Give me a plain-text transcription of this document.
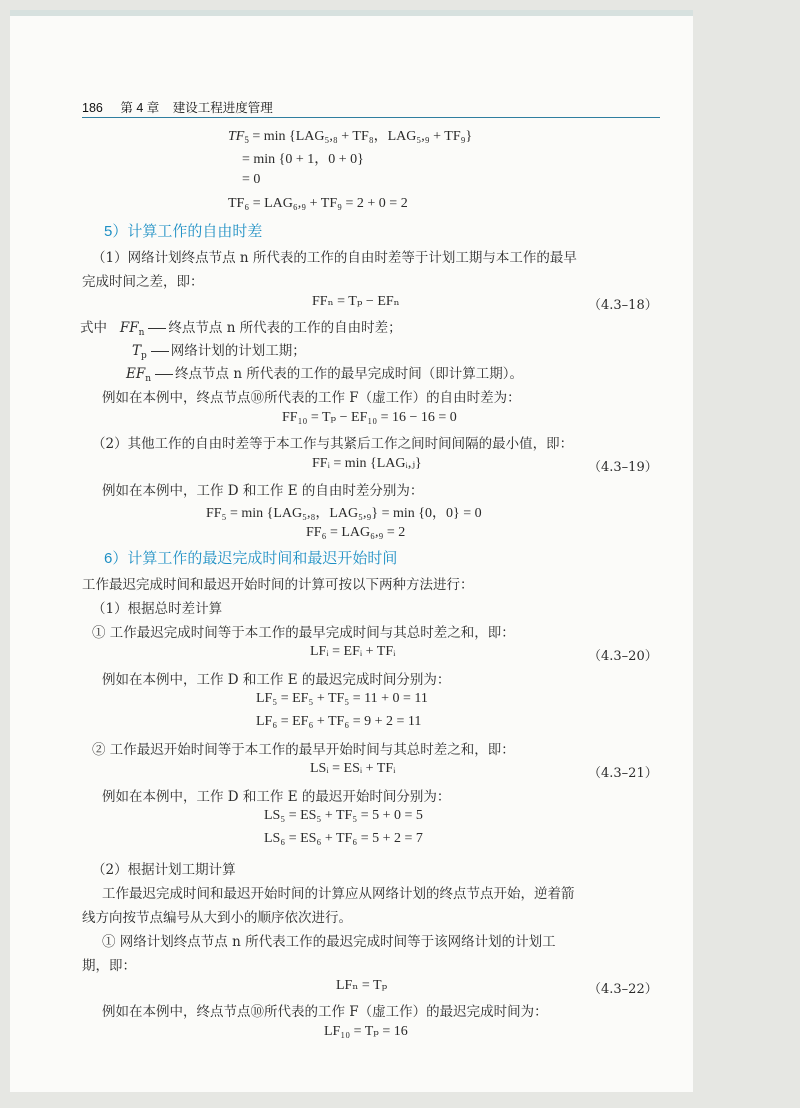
186 第 4 章 建设工程进度管理
$TF_5 = \min \{LAG_5,_8 + TF_8$，LAG₅,₉ + TF₉}
= min {0 + 1，0 + 0}
= 0
TF₆ = LAG₆,₉ + TF₉ = 2 + 0 = 2
5）计算工作的自由时差
（1）网络计划终点节点 n 所代表的工作的自由时差等于计划工期与本工作的最早
完成时间之差，即：
FFₙ = Tₚ − EFₙ	（4.3–18）
式中 $FF_n$ 终点节点 n 所代表的工作的自由时差；
$T_p$ 网络计划的计划工期；
$EF_n$ 终点节点 n 所代表的工作的最早完成时间（即计算工期）。
例如在本例中，终点节点⑩所代表的工作 F（虚工作）的自由时差为：
FF₁₀ = Tₚ − EF₁₀ = 16 − 16 = 0
（2）其他工作的自由时差等于本工作与其紧后工作之间时间间隔的最小值，即：
FFᵢ = min {LAGᵢ,ⱼ}	（4.3–19）
例如在本例中，工作 D 和工作 E 的自由时差分别为：
FF₅ = min {LAG₅,₈，LAG₅,₉} = min {0，0} = 0
FF₆ = LAG₆,₉ = 2
6）计算工作的最迟完成时间和最迟开始时间
工作最迟完成时间和最迟开始时间的计算可按以下两种方法进行：
（1）根据总时差计算
① 工作最迟完成时间等于本工作的最早完成时间与其总时差之和，即：
LFᵢ = EFᵢ + TFᵢ	（4.3–20）
例如在本例中，工作 D 和工作 E 的最迟完成时间分别为：
LF₅ = EF₅ + TF₅ = 11 + 0 = 11
LF₆ = EF₆ + TF₆ = 9 + 2 = 11
② 工作最迟开始时间等于本工作的最早开始时间与其总时差之和，即：
LSᵢ = ESᵢ + TFᵢ	（4.3–21）
例如在本例中，工作 D 和工作 E 的最迟开始时间分别为：
LS₅ = ES₅ + TF₅ = 5 + 0 = 5
LS₆ = ES₆ + TF₆ = 5 + 2 = 7
（2）根据计划工期计算
工作最迟完成时间和最迟开始时间的计算应从网络计划的终点节点开始，逆着箭
线方向按节点编号从大到小的顺序依次进行。
① 网络计划终点节点 n 所代表工作的最迟完成时间等于该网络计划的计划工
期，即：
LFₙ = Tₚ	（4.3–22）
例如在本例中，终点节点⑩所代表的工作 F（虚工作）的最迟完成时间为：
LF₁₀ = Tₚ = 16
